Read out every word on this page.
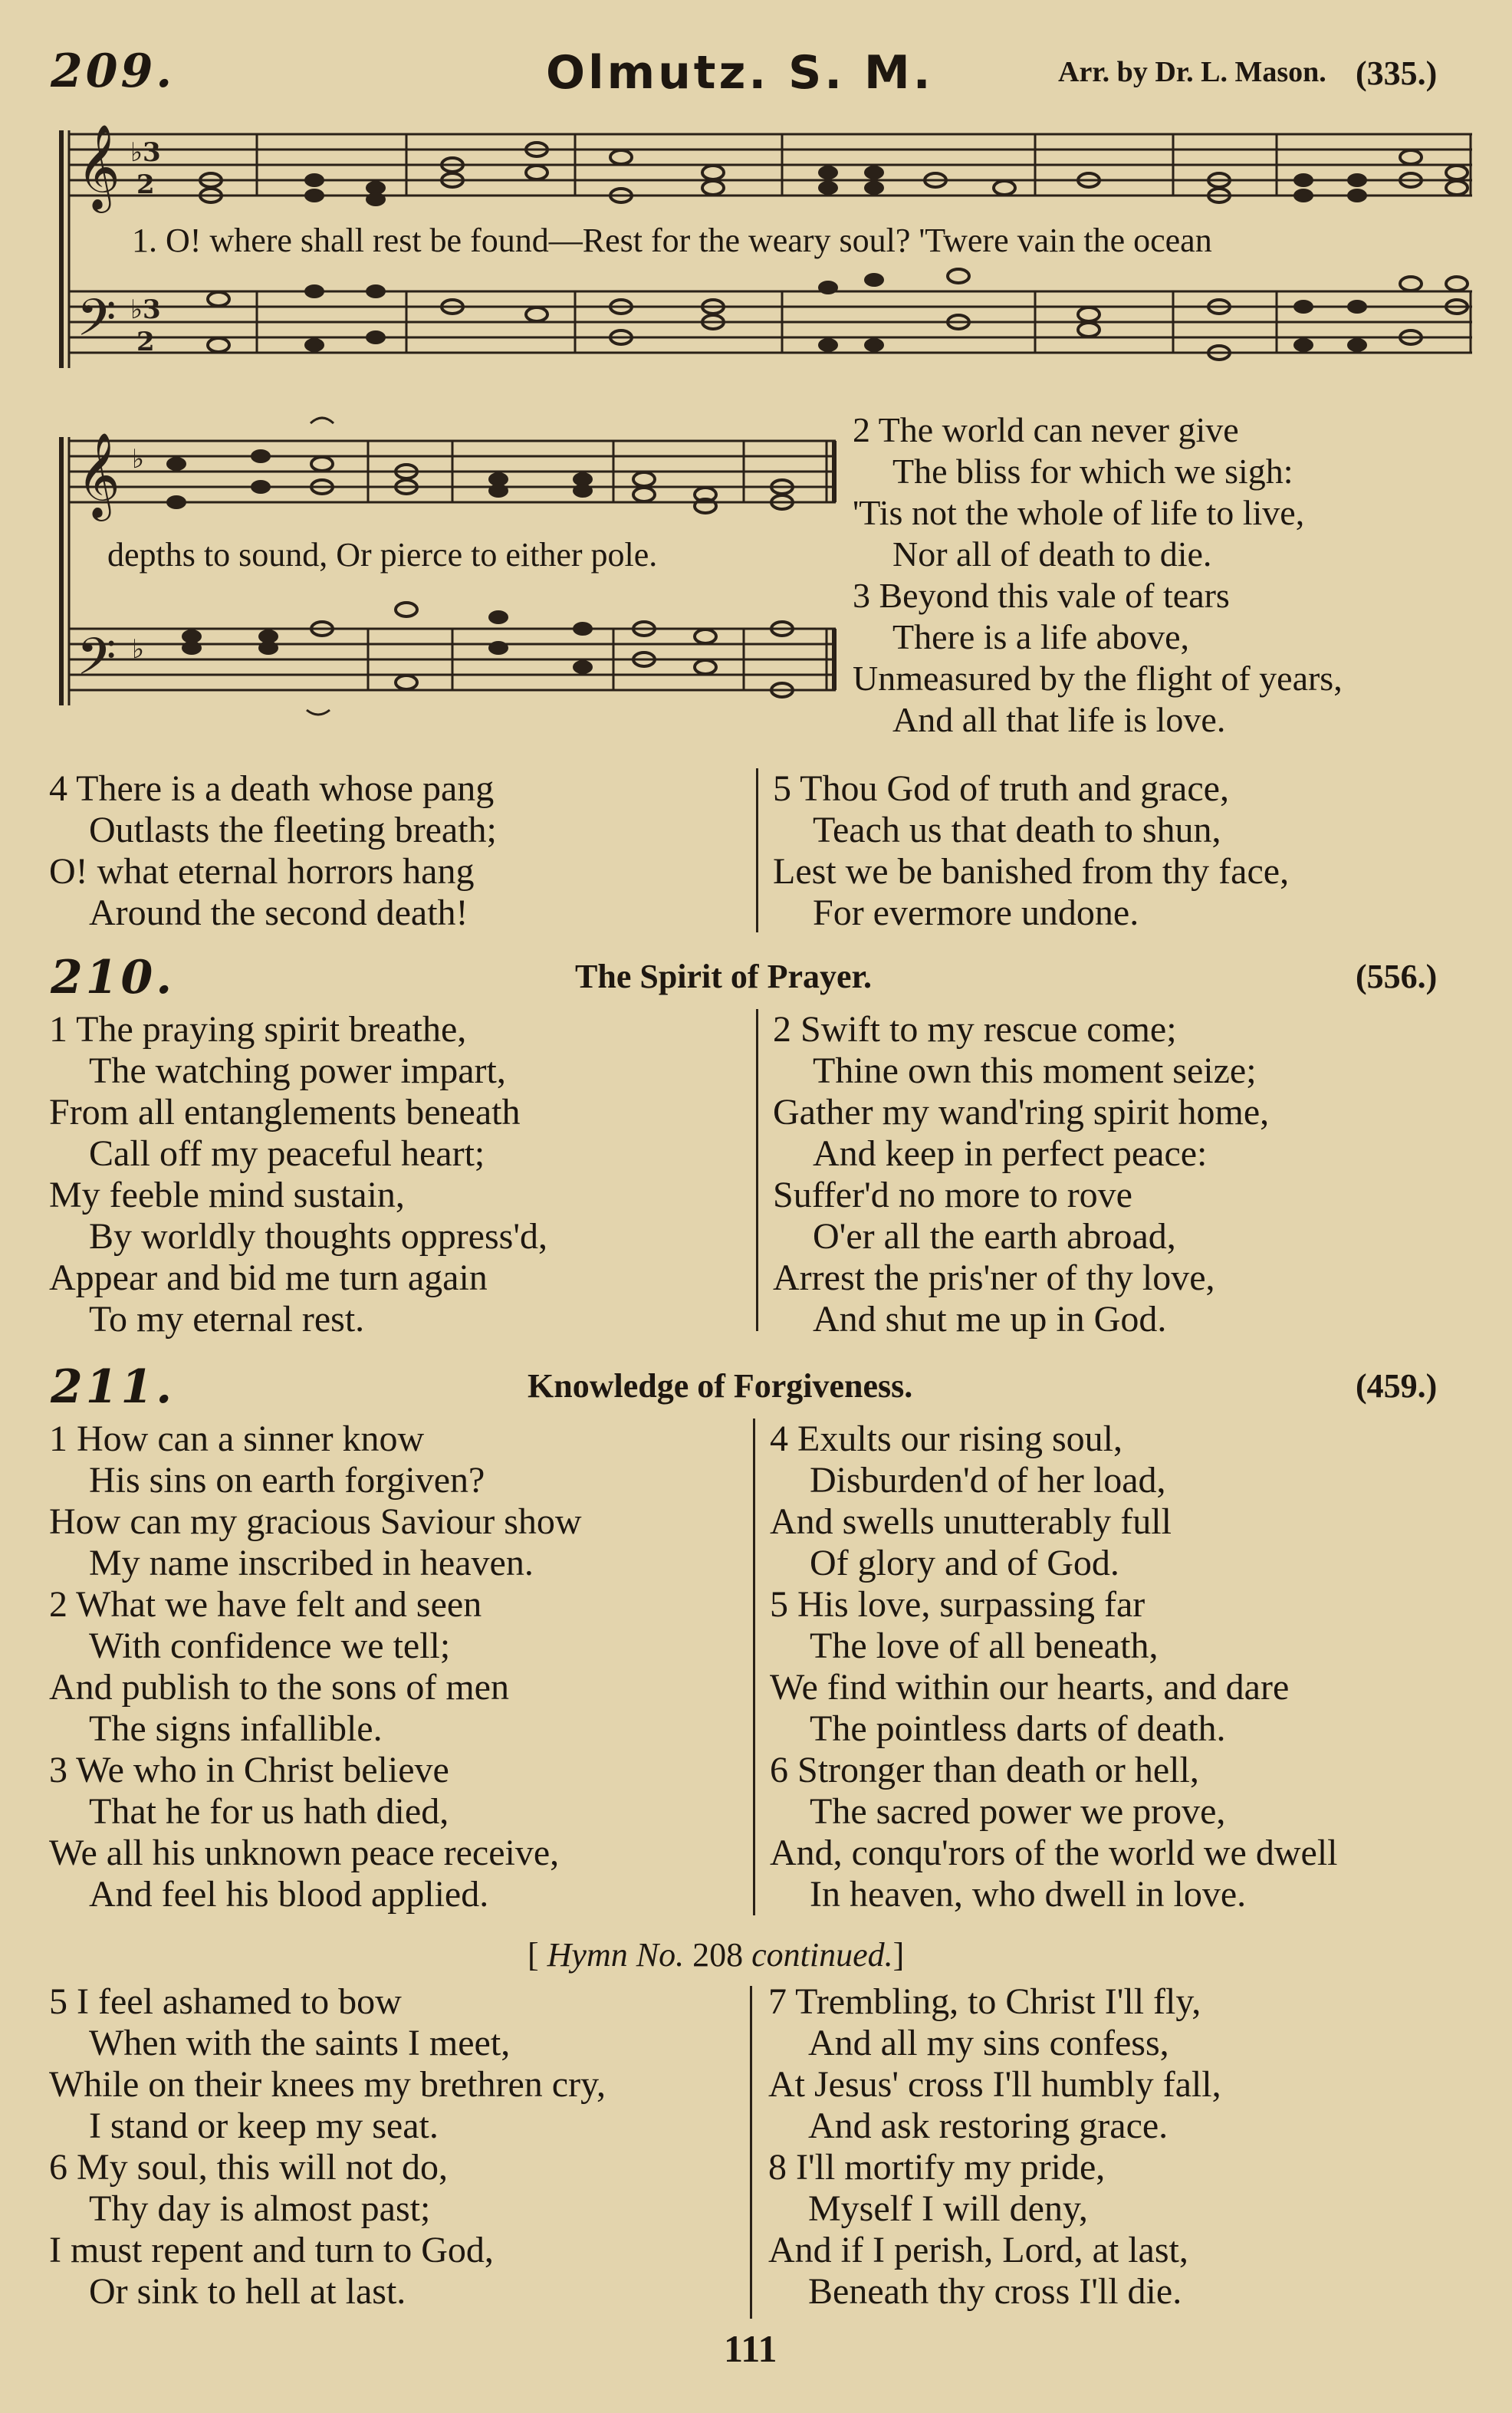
209.	Olmutz. S. M.	Arr. by Dr. L. Mason. (335.)
𝄞
𝄢
♭3
2
♭3
2
1. O! where shall rest be found—Rest for the weary soul? 'Twere vain the ocean
𝄞
𝄢
♭
♭
depths to sound, Or pierce to either pole.
2 The world can never give
The bliss for which we sigh:
'Tis not the whole of life to live,
Nor all of death to die.
3 Beyond this vale of tears
There is a life above,
Unmeasured by the flight of years,
And all that life is love.
4 There is a death whose pang
Outlasts the fleeting breath;
O! what eternal horrors hang
Around the second death!
5 Thou God of truth and grace,
Teach us that death to shun,
Lest we be banished from thy face,
For evermore undone.
210.	The Spirit of Prayer.	(556.)
1 The praying spirit breathe,
The watching power impart,
From all entanglements beneath
Call off my peaceful heart;
My feeble mind sustain,
By worldly thoughts oppress'd,
Appear and bid me turn again
To my eternal rest.
2 Swift to my rescue come;
Thine own this moment seize;
Gather my wand'ring spirit home,
And keep in perfect peace:
Suffer'd no more to rove
O'er all the earth abroad,
Arrest the pris'ner of thy love,
And shut me up in God.
211.	Knowledge of Forgiveness.	(459.)
1 How can a sinner know
His sins on earth forgiven?
How can my gracious Saviour show
My name inscribed in heaven.
2 What we have felt and seen
With confidence we tell;
And publish to the sons of men
The signs infallible.
3 We who in Christ believe
That he for us hath died,
We all his unknown peace receive,
And feel his blood applied.
4 Exults our rising soul,
Disburden'd of her load,
And swells unutterably full
Of glory and of God.
5 His love, surpassing far
The love of all beneath,
We find within our hearts, and dare
The pointless darts of death.
6 Stronger than death or hell,
The sacred power we prove,
And, conqu'rors of the world we dwell
In heaven, who dwell in love.
[ Hymn No. 208 continued.]
5 I feel ashamed to bow
When with the saints I meet,
While on their knees my brethren cry,
I stand or keep my seat.
6 My soul, this will not do,
Thy day is almost past;
I must repent and turn to God,
Or sink to hell at last.
7 Trembling, to Christ I'll fly,
And all my sins confess,
At Jesus' cross I'll humbly fall,
And ask restoring grace.
8 I'll mortify my pride,
Myself I will deny,
And if I perish, Lord, at last,
Beneath thy cross I'll die.
111
